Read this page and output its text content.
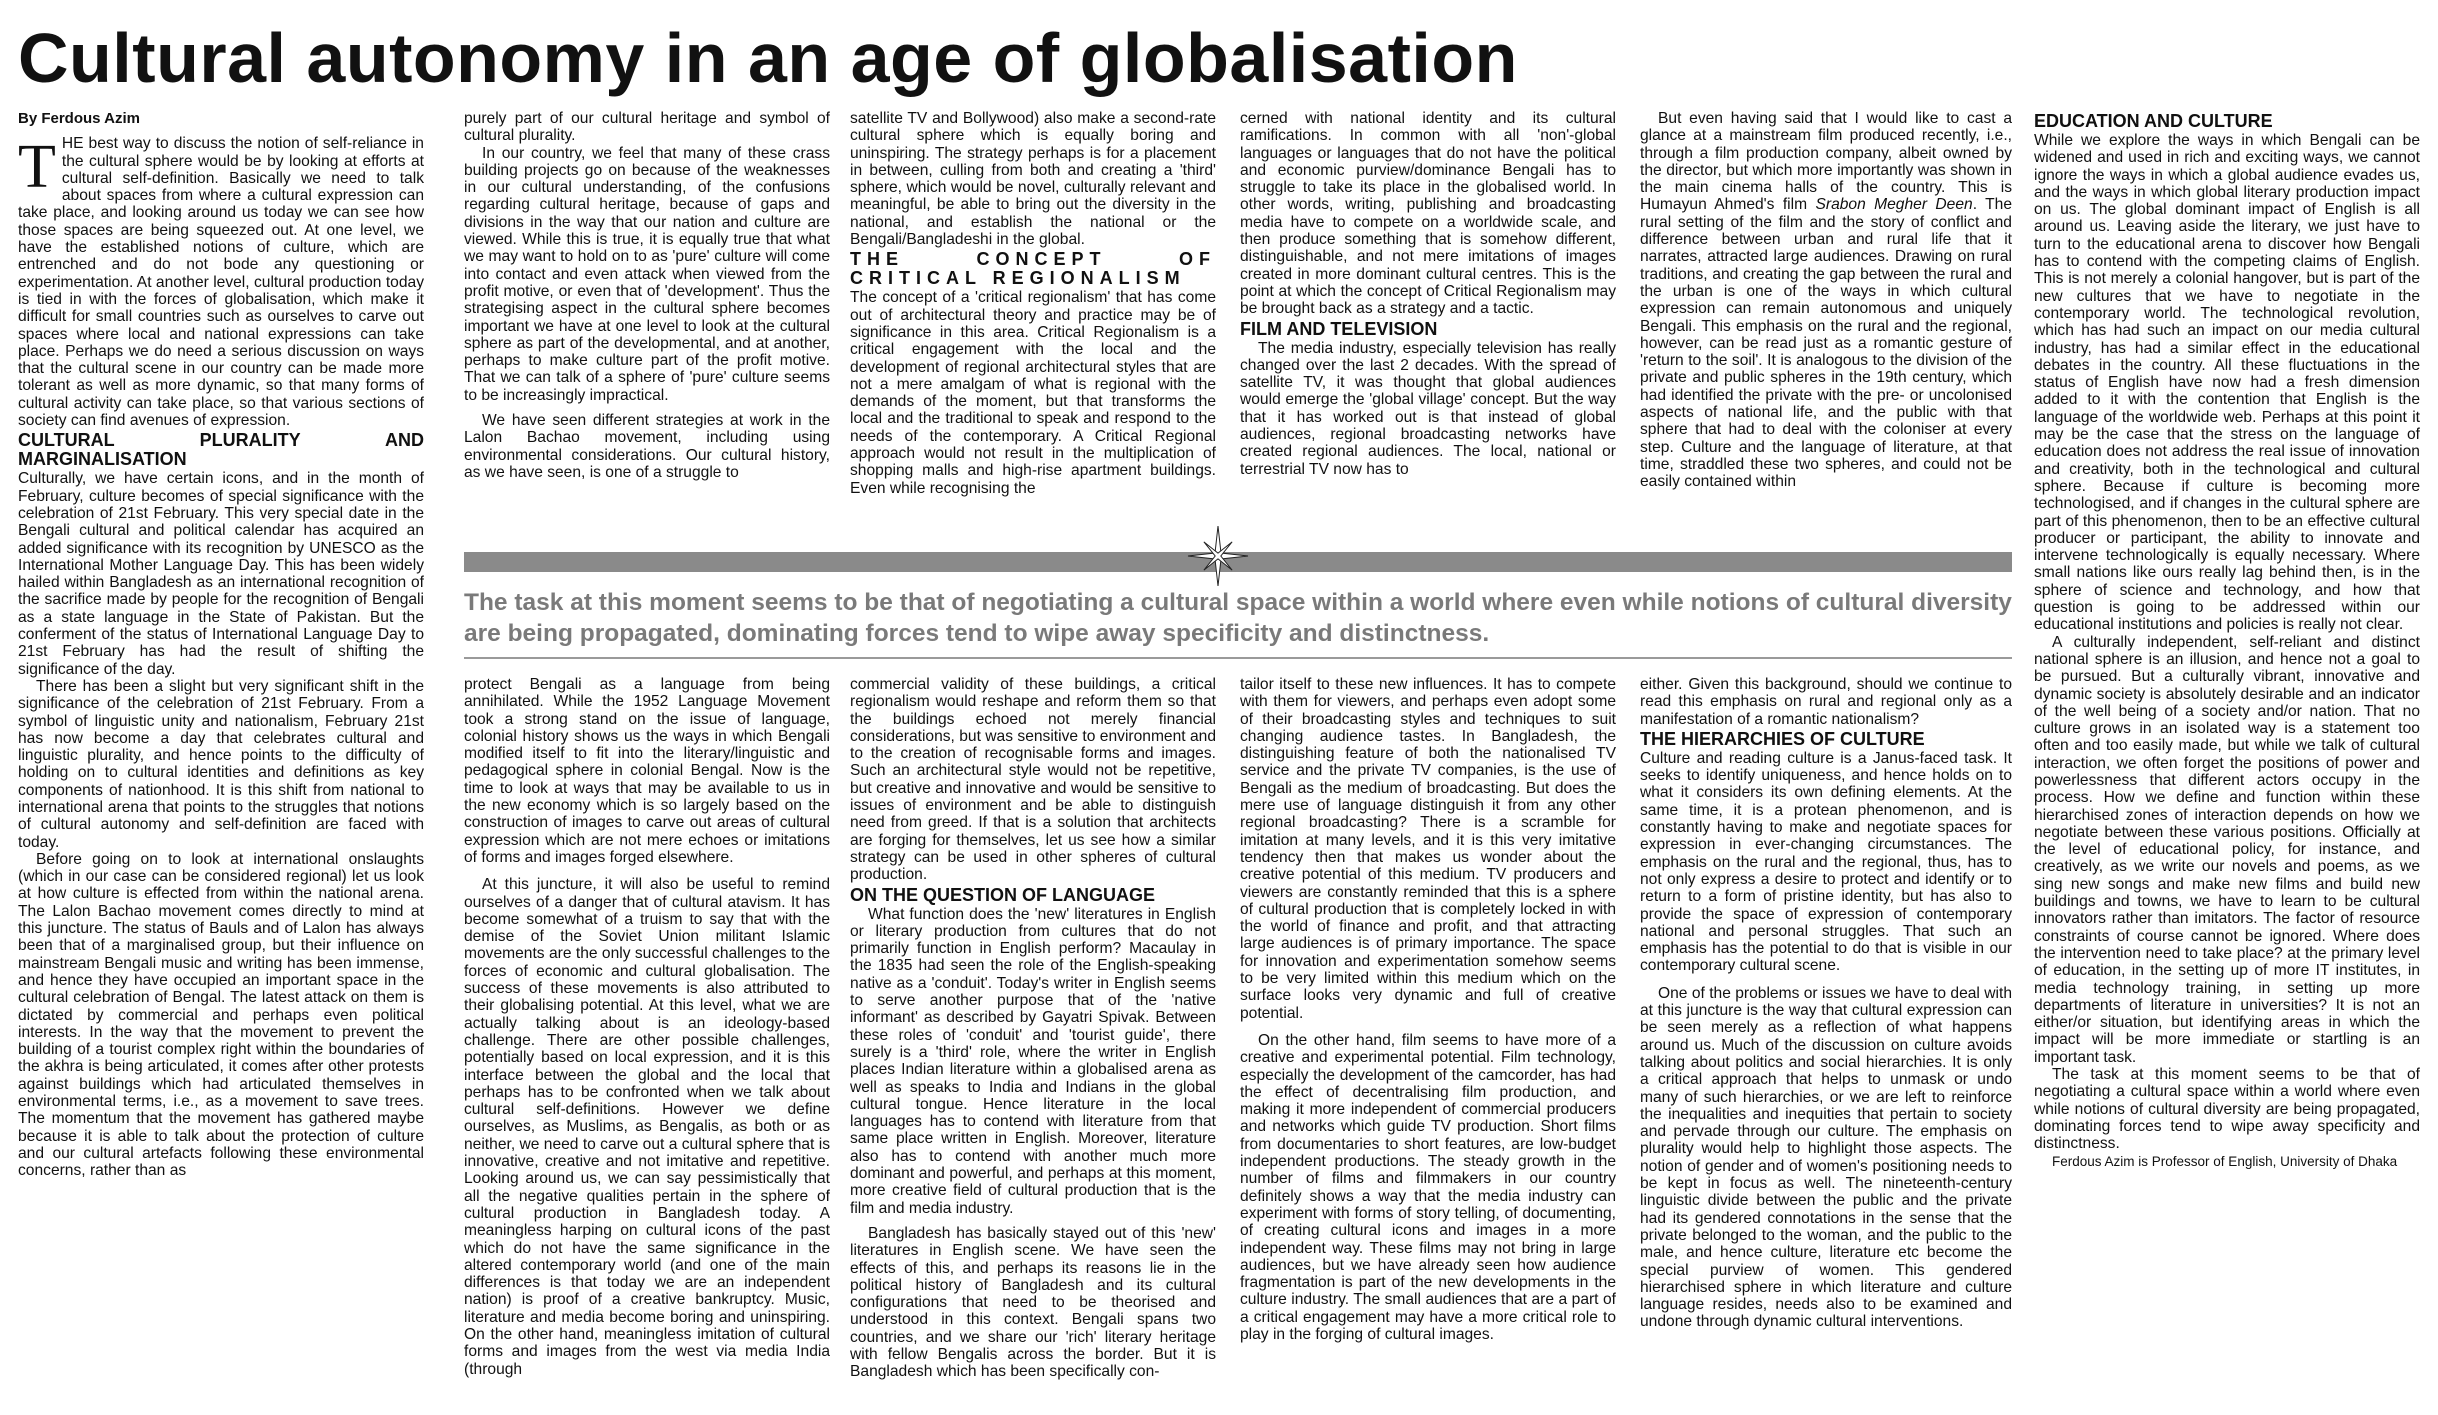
Cultural autonomy in an age of globalisation
By Ferdous Azim

THE best way to discuss the notion of self-reliance in the cultural sphere would be by looking at efforts at cultural self-definition. Basically we need to talk about spaces from where a cultural expression can take place, and looking around us today we can see how those spaces are being squeezed out. At one level, we have the established notions of culture, which are entrenched and do not bode any questioning or experimentation. At another level, cultural production today is tied in with the forces of globalisation, which make it difficult for small countries such as ourselves to carve out spaces where local and national expressions can take place. Perhaps we do need a serious discussion on ways that the cultural scene in our country can be made more tolerant as well as more dynamic, so that many forms of cultural activity can take place, so that various sections of society can find avenues of expression.

CULTURAL PLURALITY AND MARGINALISATION

Culturally, we have certain icons, and in the month of February, culture becomes of special significance with the celebration of 21st February. This very special date in the Bengali cultural and political calendar has acquired an added significance with its recognition by UNESCO as the International Mother Language Day. This has been widely hailed within Bangladesh as an international recognition of the sacrifice made by people for the recognition of Bengali as a state language in the State of Pakistan. But the conferment of the status of International Language Day to 21st February has had the result of shifting the significance of the day.

There has been a slight but very significant shift in the significance of the celebration of 21st February. From a symbol of linguistic unity and nationalism, February 21st has now become a day that celebrates cultural and linguistic plurality, and hence points to the difficulty of holding on to cultural identities and definitions as key components of nationhood. It is this shift from national to international arena that points to the struggles that notions of cultural autonomy and self-definition are faced with today.

Before going on to look at international onslaughts (which in our case can be considered regional) let us look at how culture is effected from within the national arena. The Lalon Bachao movement comes directly to mind at this juncture. The status of Bauls and of Lalon has always been that of a marginalised group, but their influence on mainstream Bengali music and writing has been immense, and hence they have occupied an important space in the cultural celebration of Bengal. The latest attack on them is dictated by commercial and perhaps even political interests. In the way that the movement to prevent the building of a tourist complex right within the boundaries of the akhra is being articulated, it comes after other protests against buildings which had articulated themselves in environmental terms, i.e., as a movement to save trees. The momentum that the movement has gathered maybe because it is able to talk about the protection of culture and our cultural artefacts following these environmental concerns, rather than as

purely part of our cultural heritage and symbol of cultural plurality.

In our country, we feel that many of these crass building projects go on because of the weaknesses in our cultural understanding, of the confusions regarding cultural heritage, because of gaps and divisions in the way that our nation and culture are viewed. While this is true, it is equally true that what we may want to hold on to as 'pure' culture will come into contact and even attack when viewed from the profit motive, or even that of 'development'. Thus the strategising aspect in the cultural sphere becomes important we have at one level to look at the cultural sphere as part of the developmental, and at another, perhaps to make culture part of the profit motive. That we can talk of a sphere of 'pure' culture seems to be increasingly impractical.

We have seen different strategies at work in the Lalon Bachao movement, including using environmental considerations. Our cultural history, as we have seen, is one of a struggle to

satellite TV and Bollywood) also make a second-rate cultural sphere which is equally boring and uninspiring. The strategy perhaps is for a placement in between, culling from both and creating a 'third' sphere, which would be novel, culturally relevant and meaningful, be able to bring out the diversity in the national, and establish the national or the Bengali/Bangladeshi in the global.

THE CONCEPT OF CRITICAL REGIONALISM

The concept of a 'critical regionalism' that has come out of architectural theory and practice may be of significance in this area. Critical Regionalism is a critical engagement with the local and the development of regional architectural styles that are not a mere amalgam of what is regional with the demands of the moment, but that transforms the local and the traditional to speak and respond to the needs of the contemporary. A Critical Regional approach would not result in the multiplication of shopping malls and high-rise apartment buildings. Even while recognising the

cerned with national identity and its cultural ramifications. In common with all 'non'-global languages or languages that do not have the political and economic purview/dominance Bengali has to struggle to take its place in the globalised world. In other words, writing, publishing and broadcasting media have to compete on a worldwide scale, and then produce something that is somehow different, distinguishable, and not mere imitations of images created in more dominant cultural centres. This is the point at which the concept of Critical Regionalism may be brought back as a strategy and a tactic.

FILM AND TELEVISION

The media industry, especially television has really changed over the last 2 decades. With the spread of satellite TV, it was thought that global audiences would emerge the 'global village' concept. But the way that it has worked out is that instead of global audiences, regional broadcasting networks have created regional audiences. The local, national or terrestrial TV now has to

But even having said that I would like to cast a glance at a mainstream film produced recently, i.e., through a film production company, albeit owned by the director, but which more importantly was shown in the main cinema halls of the country. This is Humayun Ahmed's film Srabon Megher Deen. The rural setting of the film and the story of conflict and difference between urban and rural life that it narrates, attracted large audiences. Drawing on rural traditions, and creating the gap between the rural and the urban is one of the ways in which cultural expression can remain autonomous and uniquely Bengali. This emphasis on the rural and the regional, however, can be read just as a romantic gesture of 'return to the soil'. It is analogous to the division of the private and public spheres in the 19th century, which had identified the private with the pre- or uncolonised aspects of national life, and the public with that sphere that had to deal with the coloniser at every step. Culture and the language of literature, at that time, straddled these two spheres, and could not be easily contained within

The task at this moment seems to be that of negotiating a cultural space within a world where even while notions of cultural diversity are being propagated, dominating forces tend to wipe away specificity and distinctness.

protect Bengali as a language from being annihilated. While the 1952 Language Movement took a strong stand on the issue of language, colonial history shows us the ways in which Bengali modified itself to fit into the literary/linguistic and pedagogical sphere in colonial Bengal. Now is the time to look at ways that may be available to us in the new economy which is so largely based on the construction of images to carve out areas of cultural expression which are not mere echoes or imitations of forms and images forged elsewhere.

At this juncture, it will also be useful to remind ourselves of a danger that of cultural atavism. It has become somewhat of a truism to say that with the demise of the Soviet Union militant Islamic movements are the only successful challenges to the forces of economic and cultural globalisation. The success of these movements is also attributed to their globalising potential. At this level, what we are actually talking about is an ideology-based challenge. There are other possible challenges, potentially based on local expression, and it is this interface between the global and the local that perhaps has to be confronted when we talk about cultural self-definitions. However we define ourselves, as Muslims, as Bengalis, as both or as neither, we need to carve out a cultural sphere that is innovative, creative and not imitative and repetitive. Looking around us, we can say pessimistically that all the negative qualities pertain in the sphere of cultural production in Bangladesh today. A meaningless harping on cultural icons of the past which do not have the same significance in the altered contemporary world (and one of the main differences is that today we are an independent nation) is proof of a creative bankruptcy. Music, literature and media become boring and uninspiring. On the other hand, meaningless imitation of cultural forms and images from the west via media India (through

commercial validity of these buildings, a critical regionalism would reshape and reform them so that the buildings echoed not merely financial considerations, but was sensitive to environment and to the creation of recognisable forms and images. Such an architectural style would not be repetitive, but creative and innovative and would be sensitive to issues of environment and be able to distinguish need from greed. If that is a solution that architects are forging for themselves, let us see how a similar strategy can be used in other spheres of cultural production.

ON THE QUESTION OF LANGUAGE

What function does the 'new' literatures in English or literary production from cultures that do not primarily function in English perform? Macaulay in the 1835 had seen the role of the English-speaking native as a 'conduit'. Today's writer in English seems to serve another purpose that of the 'native informant' as described by Gayatri Spivak. Between these roles of 'conduit' and 'tourist guide', there surely is a 'third' role, where the writer in English places Indian literature within a globalised arena as well as speaks to India and Indians in the global cultural tongue. Hence literature in the local languages has to contend with literature from that same place written in English. Moreover, literature also has to contend with another much more dominant and powerful, and perhaps at this moment, more creative field of cultural production that is the film and media industry.

Bangladesh has basically stayed out of this 'new' literatures in English scene. We have seen the effects of this, and perhaps its reasons lie in the political history of Bangladesh and its cultural configurations that need to be theorised and understood in this context. Bengali spans two countries, and we share our 'rich' literary heritage with fellow Bengalis across the border. But it is Bangladesh which has been specifically con-

tailor itself to these new influences. It has to compete with them for viewers, and perhaps even adopt some of their broadcasting styles and techniques to suit changing audience tastes. In Bangladesh, the distinguishing feature of both the nationalised TV service and the private TV companies, is the use of Bengali as the medium of broadcasting. But does the mere use of language distinguish it from any other regional broadcasting? There is a scramble for imitation at many levels, and it is this very imitative tendency then that makes us wonder about the creative potential of this medium. TV producers and viewers are constantly reminded that this is a sphere of cultural production that is completely locked in with the world of finance and profit, and that attracting large audiences is of primary importance. The space for innovation and experimentation somehow seems to be very limited within this medium which on the surface looks very dynamic and full of creative potential.

On the other hand, film seems to have more of a creative and experimental potential. Film technology, especially the development of the camcorder, has had the effect of decentralising film production, and making it more independent of commercial producers and networks which guide TV production. Short films from documentaries to short features, are low-budget independent productions. The steady growth in the number of films and filmmakers in our country definitely shows a way that the media industry can experiment with forms of story telling, of documenting, of creating cultural icons and images in a more independent way. These films may not bring in large audiences, but we have already seen how audience fragmentation is part of the new developments in the culture industry. The small audiences that are a part of a critical engagement may have a more critical role to play in the forging of cultural images.

either. Given this background, should we continue to read this emphasis on rural and regional only as a manifestation of a romantic nationalism?

THE HIERARCHIES OF CULTURE

Culture and reading culture is a Janus-faced task. It seeks to identify uniqueness, and hence holds on to what it considers its own defining elements. At the same time, it is a protean phenomenon, and is constantly having to make and negotiate spaces for expression in ever-changing circumstances. The emphasis on the rural and the regional, thus, has to not only express a desire to protect and identify or to return to a form of pristine identity, but has also to provide the space of expression of contemporary national and personal struggles. That such an emphasis has the potential to do that is visible in our contemporary cultural scene.

One of the problems or issues we have to deal with at this juncture is the way that cultural expression can be seen merely as a reflection of what happens around us. Much of the discussion on culture avoids talking about politics and social hierarchies. It is only a critical approach that helps to unmask or undo many of such hierarchies, or we are left to reinforce the inequalities and inequities that pertain to society and pervade through our culture. The emphasis on plurality would help to highlight those aspects. The notion of gender and of women's positioning needs to be kept in focus as well. The nineteenth-century linguistic divide between the public and the private had its gendered connotations in the sense that the private belonged to the woman, and the public to the male, and hence culture, literature etc become the special purview of women. This gendered hierarchised sphere in which literature and culture language resides, needs also to be examined and undone through dynamic cultural interventions.

EDUCATION AND CULTURE

While we explore the ways in which Bengali can be widened and used in rich and exciting ways, we cannot ignore the ways in which a global audience evades us, and the ways in which global literary production impact on us. The global dominant impact of English is all around us. Leaving aside the literary, we just have to turn to the educational arena to discover how Bengali has to contend with the competing claims of English. This is not merely a colonial hangover, but is part of the new cultures that we have to negotiate in the contemporary world. The technological revolution, which has had such an impact on our media cultural industry, has had a similar effect in the educational debates in the country. All these fluctuations in the status of English have now had a fresh dimension added to it with the contention that English is the language of the worldwide web. Perhaps at this point it may be the case that the stress on the language of education does not address the real issue of innovation and creativity, both in the technological and cultural sphere. Because if culture is becoming more technologised, and if changes in the cultural sphere are part of this phenomenon, then to be an effective cultural producer or participant, the ability to innovate and intervene technologically is equally necessary. Where small nations like ours really lag behind then, is in the sphere of science and technology, and how that question is going to be addressed within our educational institutions and policies is really not clear.

A culturally independent, self-reliant and distinct national sphere is an illusion, and hence not a goal to be pursued. But a culturally vibrant, innovative and dynamic society is absolutely desirable and an indicator of the well being of a society and/or nation. That no culture grows in an isolated way is a statement too often and too easily made, but while we talk of cultural interaction, we often forget the positions of power and powerlessness that different actors occupy in the process. How we define and function within these hierarchised zones of interaction depends on how we negotiate between these various positions. Officially at the level of educational policy, for instance, and creatively, as we write our novels and poems, as we sing new songs and make new films and build new buildings and towns, we have to learn to be cultural innovators rather than imitators. The factor of resource constraints of course cannot be ignored. Where does the intervention need to take place? at the primary level of education, in the setting up of more IT institutes, in media technology training, in setting up more departments of literature in universities? It is not an either/or situation, but identifying areas in which the impact will be more immediate or startling is an important task.

The task at this moment seems to be that of negotiating a cultural space within a world where even while notions of cultural diversity are being propagated, dominating forces tend to wipe away specificity and distinctness.

Ferdous Azim is Professor of English, University of Dhaka
